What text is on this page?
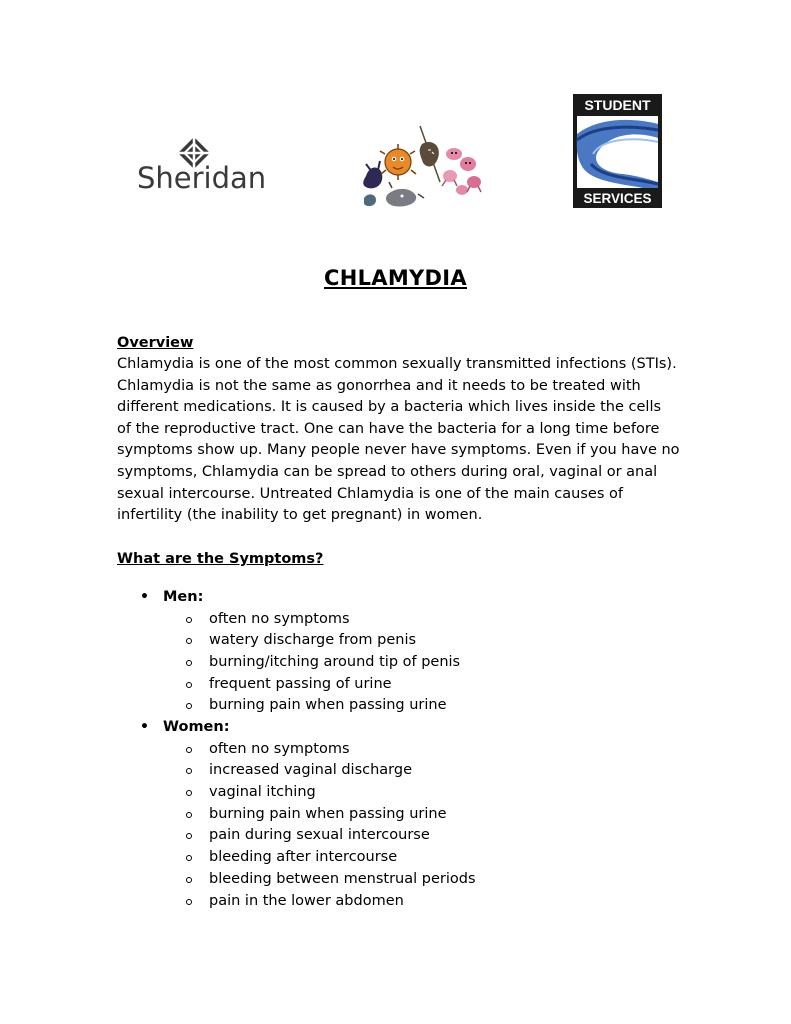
Sheridan
STUDENT
SERVICES
CHLAMYDIA
Overview
Chlamydia is one of the most common sexually transmitted infections (STIs).
Chlamydia is not the same as gonorrhea and it needs to be treated with
different medications. It is caused by a bacteria which lives inside the cells
of the reproductive tract. One can have the bacteria for a long time before
symptoms show up. Many people never have symptoms. Even if you have no
symptoms, Chlamydia can be spread to others during oral, vaginal or anal
sexual intercourse. Untreated Chlamydia is one of the main causes of
infertility (the inability to get pregnant) in women.
What are the Symptoms?
• Men:
often no symptoms
watery discharge from penis
burning/itching around tip of penis
frequent passing of urine
burning pain when passing urine
• Women:
often no symptoms
increased vaginal discharge
vaginal itching
burning pain when passing urine
pain during sexual intercourse
bleeding after intercourse
bleeding between menstrual periods
pain in the lower abdomen
